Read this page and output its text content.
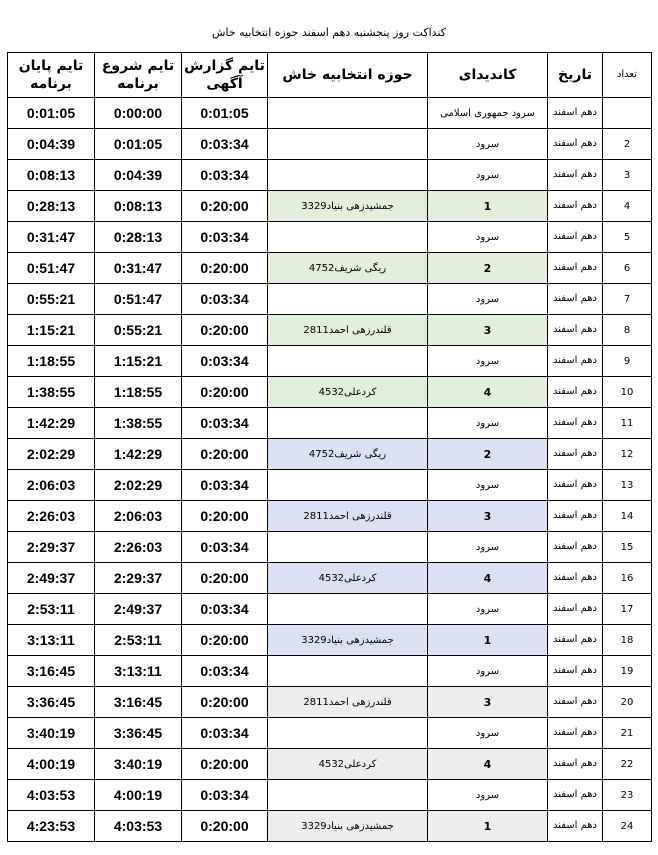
کنداکت روز پنجشنبه دهم اسفند حوزه انتخابیه خاش
تایم پایان برنامه	تایم شروع برنامه	تایم گزارش آگهی	حوزه انتخابیه خاش	کاندیدای	تاریخ	تعداد
0:01:05	0:00:00	0:01:05		سرود جمهوری اسلامی	دهم اسفند	
0:04:39	0:01:05	0:03:34		سرود	دهم اسفند	2
0:08:13	0:04:39	0:03:34		سرود	دهم اسفند	3
0:28:13	0:08:13	0:20:00	جمشیدزهی بنیاد3329	1	دهم اسفند	4
0:31:47	0:28:13	0:03:34		سرود	دهم اسفند	5
0:51:47	0:31:47	0:20:00	ریگی شریف4752	2	دهم اسفند	6
0:55:21	0:51:47	0:03:34		سرود	دهم اسفند	7
1:15:21	0:55:21	0:20:00	قلندرزهی احمد2811	3	دهم اسفند	8
1:18:55	1:15:21	0:03:34		سرود	دهم اسفند	9
1:38:55	1:18:55	0:20:00	کردعلی4532	4	دهم اسفند	10
1:42:29	1:38:55	0:03:34		سرود	دهم اسفند	11
2:02:29	1:42:29	0:20:00	ریگی شریف4752	2	دهم اسفند	12
2:06:03	2:02:29	0:03:34		سرود	دهم اسفند	13
2:26:03	2:06:03	0:20:00	قلندرزهی احمد2811	3	دهم اسفند	14
2:29:37	2:26:03	0:03:34		سرود	دهم اسفند	15
2:49:37	2:29:37	0:20:00	کردعلی4532	4	دهم اسفند	16
2:53:11	2:49:37	0:03:34		سرود	دهم اسفند	17
3:13:11	2:53:11	0:20:00	جمشیدزهی بنیاد3329	1	دهم اسفند	18
3:16:45	3:13:11	0:03:34		سرود	دهم اسفند	19
3:36:45	3:16:45	0:20:00	قلندرزهی احمد2811	3	دهم اسفند	20
3:40:19	3:36:45	0:03:34		سرود	دهم اسفند	21
4:00:19	3:40:19	0:20:00	کردعلی4532	4	دهم اسفند	22
4:03:53	4:00:19	0:03:34		سرود	دهم اسفند	23
4:23:53	4:03:53	0:20:00	جمشیدزهی بنیاد3329	1	دهم اسفند	24
